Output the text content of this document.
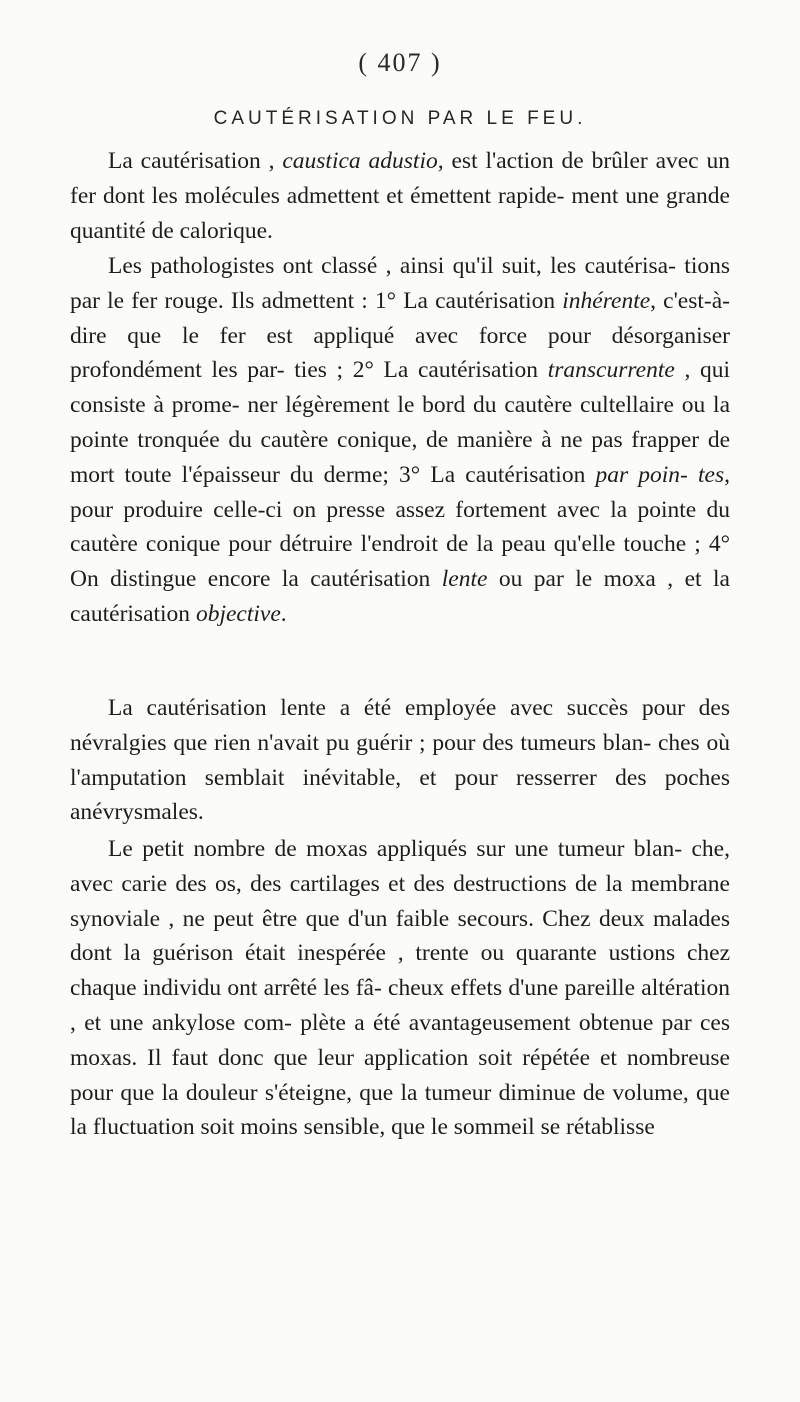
( 407 )
CAUTÉRISATION PAR LE FEU.

La cautérisation , caustica adustio, est l'action de brûler avec un fer dont les molécules admettent et émettent rapide- ment une grande quantité de calorique.

Les pathologistes ont classé , ainsi qu'il suit, les cautérisa- tions par le fer rouge. Ils admettent : 1° La cautérisation inhérente, c'est-à-dire que le fer est appliqué avec force pour désorganiser profondément les par- ties ; 2° La cautérisation transcurrente , qui consiste à prome- ner légèrement le bord du cautère cultellaire ou la pointe tronquée du cautère conique, de manière à ne pas frapper de mort toute l'épaisseur du derme; 3° La cautérisation par poin- tes, pour produire celle-ci on presse assez fortement avec la pointe du cautère conique pour détruire l'endroit de la peau qu'elle touche ; 4° On distingue encore la cautérisation lente ou par le moxa , et la cautérisation objective.

La cautérisation lente a été employée avec succès pour des névralgies que rien n'avait pu guérir ; pour des tumeurs blan- ches où l'amputation semblait inévitable, et pour resserrer des poches anévrysmales.

Le petit nombre de moxas appliqués sur une tumeur blan- che, avec carie des os, des cartilages et des destructions de la membrane synoviale , ne peut être que d'un faible secours. Chez deux malades dont la guérison était inespérée , trente ou quarante ustions chez chaque individu ont arrêté les fâ- cheux effets d'une pareille altération , et une ankylose com- plète a été avantageusement obtenue par ces moxas. Il faut donc que leur application soit répétée et nombreuse pour que la douleur s'éteigne, que la tumeur diminue de volume, que la fluctuation soit moins sensible, que le sommeil se rétablisse
